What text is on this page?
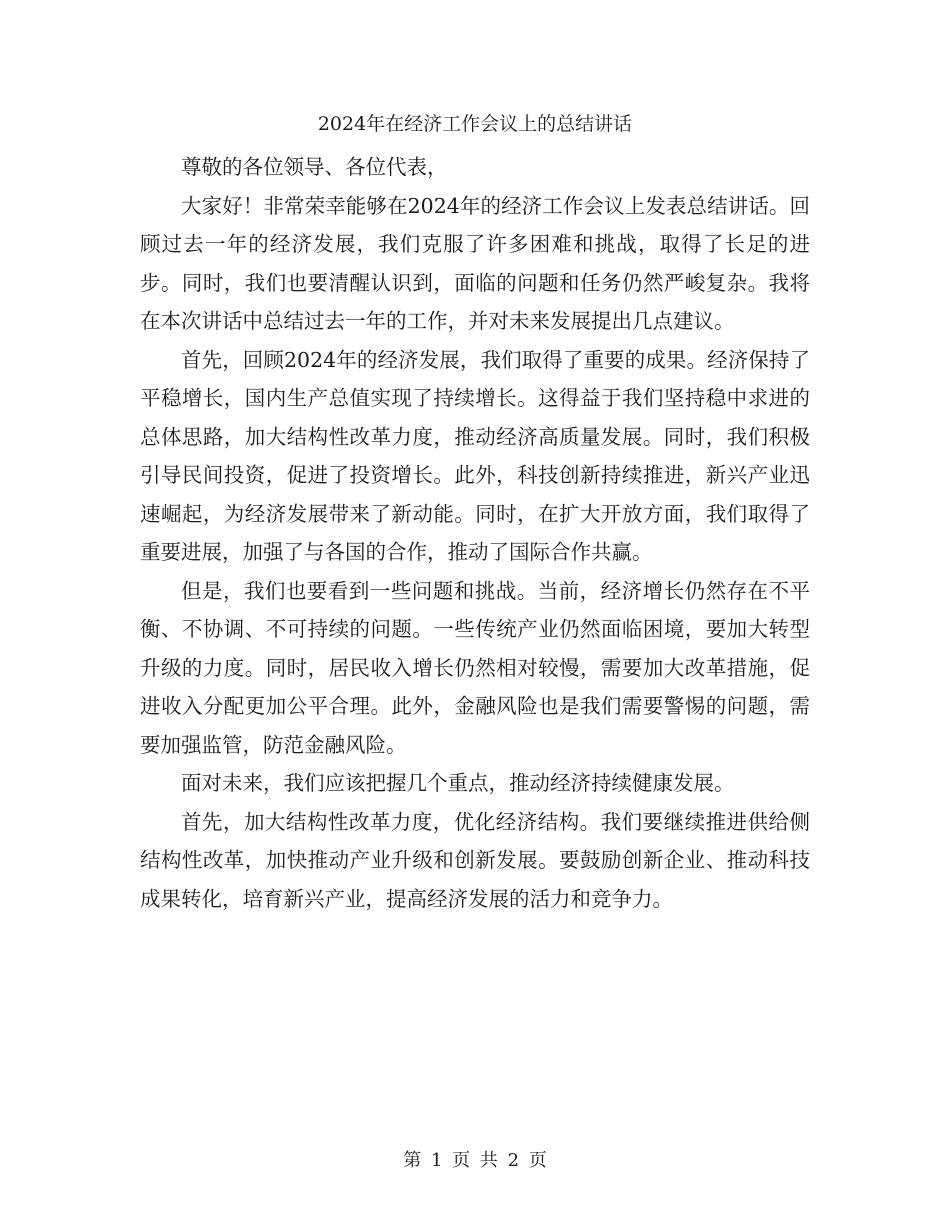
2024年在经济工作会议上的总结讲话

尊敬的各位领导、各位代表，

大家好！非常荣幸能够在2024年的经济工作会议上发表总结讲话。回顾过去一年的经济发展，我们克服了许多困难和挑战，取得了长足的进步。同时，我们也要清醒认识到，面临的问题和任务仍然严峻复杂。我将在本次讲话中总结过去一年的工作，并对未来发展提出几点建议。

首先，回顾2024年的经济发展，我们取得了重要的成果。经济保持了平稳增长，国内生产总值实现了持续增长。这得益于我们坚持稳中求进的总体思路，加大结构性改革力度，推动经济高质量发展。同时，我们积极引导民间投资，促进了投资增长。此外，科技创新持续推进，新兴产业迅速崛起，为经济发展带来了新动能。同时，在扩大开放方面，我们取得了重要进展，加强了与各国的合作，推动了国际合作共赢。

但是，我们也要看到一些问题和挑战。当前，经济增长仍然存在不平衡、不协调、不可持续的问题。一些传统产业仍然面临困境，要加大转型升级的力度。同时，居民收入增长仍然相对较慢，需要加大改革措施，促进收入分配更加公平合理。此外，金融风险也是我们需要警惕的问题，需要加强监管，防范金融风险。

面对未来，我们应该把握几个重点，推动经济持续健康发展。

首先，加大结构性改革力度，优化经济结构。我们要继续推进供给侧结构性改革，加快推动产业升级和创新发展。要鼓励创新企业、推动科技成果转化，培育新兴产业，提高经济发展的活力和竞争力。

第 1 页 共 2 页
